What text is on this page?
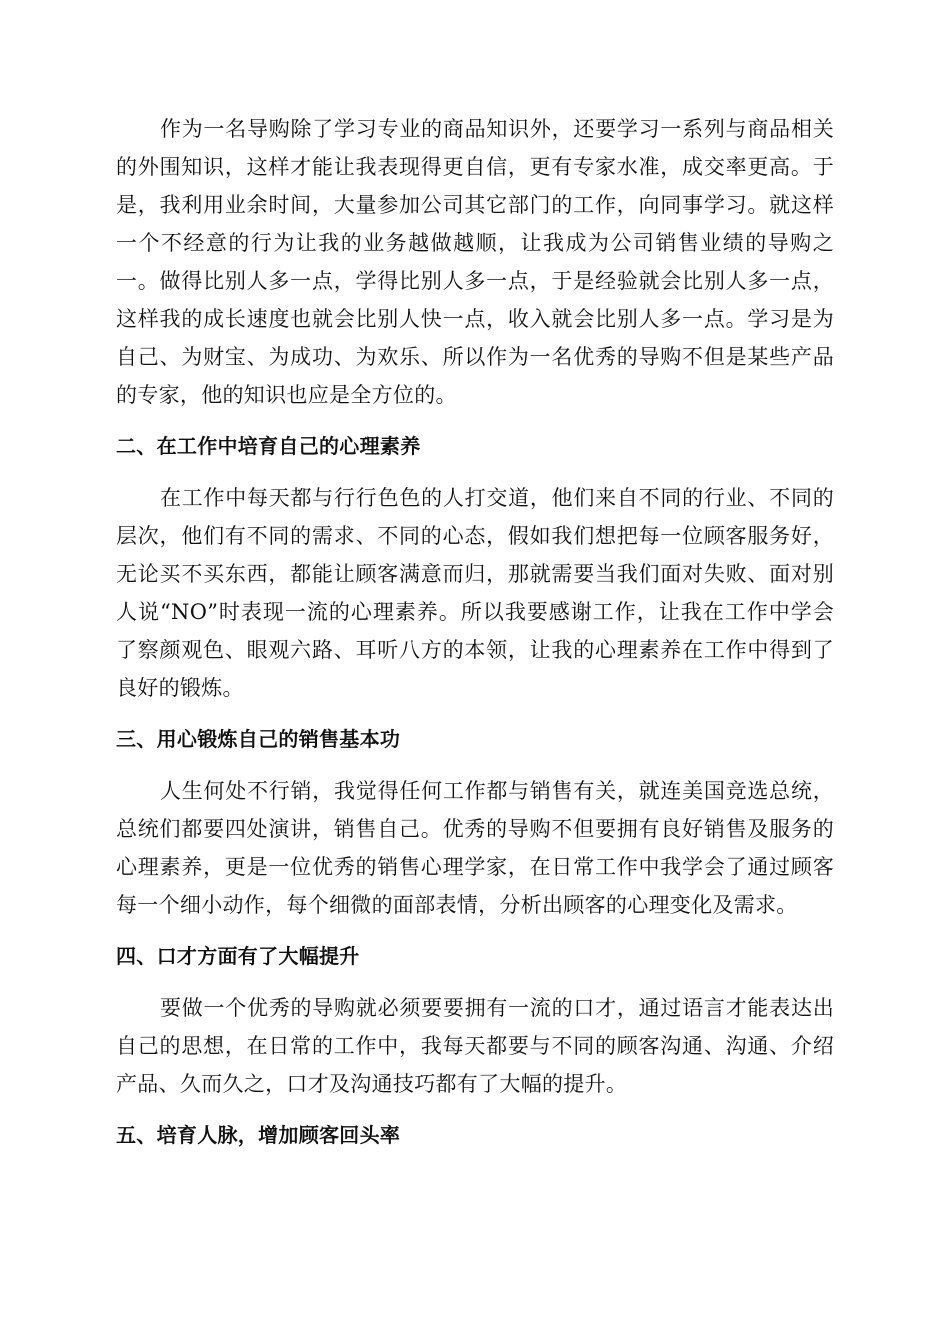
作为一名导购除了学习专业的商品知识外，还要学习一系列与商品相关的外围知识，这样才能让我表现得更自信，更有专家水准，成交率更高。于是，我利用业余时间，大量参加公司其它部门的工作，向同事学习。就这样一个不经意的行为让我的业务越做越顺，让我成为公司销售业绩的导购之一。做得比别人多一点，学得比别人多一点，于是经验就会比别人多一点，这样我的成长速度也就会比别人快一点，收入就会比别人多一点。学习是为自己、为财宝、为成功、为欢乐、所以作为一名优秀的导购不但是某些产品的专家，他的知识也应是全方位的。

二、在工作中培育自己的心理素养

在工作中每天都与行行色色的人打交道，他们来自不同的行业、不同的层次，他们有不同的需求、不同的心态，假如我们想把每一位顾客服务好，无论买不买东西，都能让顾客满意而归，那就需要当我们面对失败、面对别人说“NO”时表现一流的心理素养。所以我要感谢工作，让我在工作中学会了察颜观色、眼观六路、耳听八方的本领，让我的心理素养在工作中得到了良好的锻炼。

三、用心锻炼自己的销售基本功

人生何处不行销，我觉得任何工作都与销售有关，就连美国竞选总统，总统们都要四处演讲，销售自己。优秀的导购不但要拥有良好销售及服务的心理素养，更是一位优秀的销售心理学家，在日常工作中我学会了通过顾客每一个细小动作，每个细微的面部表情，分析出顾客的心理变化及需求。

四、口才方面有了大幅提升

要做一个优秀的导购就必须要要拥有一流的口才，通过语言才能表达出自己的思想，在日常的工作中，我每天都要与不同的顾客沟通、沟通、介绍产品、久而久之，口才及沟通技巧都有了大幅的提升。

五、培育人脉，增加顾客回头率
